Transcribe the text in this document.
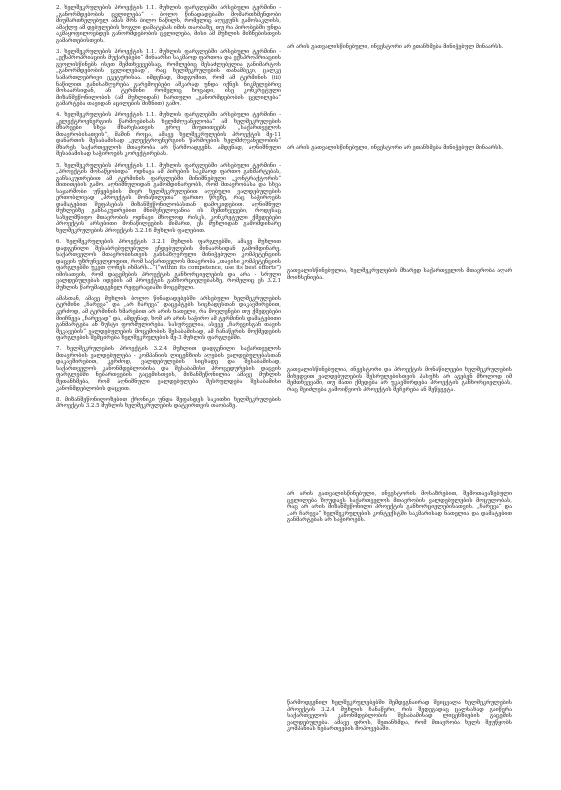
2. ხელშეკრულების პროექტის 1.1. მუხლის ფარგლებში არსებული ტერმინი - „განორმდებობის ცვლილება“ - ბოლო წინადადებაში მომართხმენდობი მიუშართხელებულ ამას შრს ბილო ნაწილს, რომელიც აღცეუნს გამოსაკლისს, ამაქლუ ამ დებულების ხოგლი დამატებას იმის თაობაზე, თუ რა პირობებში უნდა აკმაყოფილოებდეს განორმდებობის ცვლილება, მისი ამ მუხლის მიზნებისთვის გამართებისთვის.

3. ხელშეკრულების პროექტის 1.1. მუხლის ფარგლებში არსებული ტერმინი - „ექსპროპრიაციის მუქარებები“ მინაარსი საკმაოდ ფართოა და ექსპროპრიაციის გვოლისწინებს ისეთ შემთხვევებსაც, რომლებიც მესაძლებელია განიმარტოს „განორმდებობის ცვლილებად“, რაც ხელშეკრულების თანამბეკი, ცალკე სამართლებრივი ეკეტურისაა. იმდენად, მიდგომით, რომ ამ ტერმინის (iii) ნაწილით განისაზღვრება გარემოებები აშკარად უნდა იქნეს ნიკმელებრივ მოსაარსიდან, ან ტერმინი რომელიც ხოცადი, ისე კონკრეტული მიზანშეწონილობის (ამ მუხლიდან) ჩართული „განორმდებობის ცვლილება“ გამარტება თავიდან აცილების მიზნით) გამო.

4. ხელშეკრულების პროექტის 1.1. მუხლის ფარგლებში არსებული ტერმინი - „ელექტროენერგიის წარმოებისას ხელმძღვანელობა“ ამ ხელშეკრულების მხარეები სხვა მხარესათვის ეროვ მიუთითეებს „საქართველოს მთავრობისათვის“, მაშინ როცა, ამავე ხელშეკრულების პროექტის მე-11 დანართის შესაბამისად „ელექტროენერგიის წარმოების ხელმძღვანელობის“ მხარეს საქართველოს მთავრობა არ წარმოადგენს. ამდენად, აღნიშნული შესაბამისად საჭიროებს კორექტირებას.

5. ხელშეკრულების პროექტის 1.1. მუხლის ფარგლებში არსებული ტერმინი - „პროექტის მოსაწყობიდა“ ოდნავა ამ პირების საკმაოდ ფართო განმარტებას, განსაკუთრებით ამ ტერმინის ფარგლებში მინიშნებული „კონტრაქტორის“ მითითების გამო. აღნიშნულიდან გამომდინარეობს, რომ მთავრობასა და სხვა საჯარშობი უწყებების მიერ ხელშეკრულებით აღებული ვალდებულების ერთობლივად „პროექტის მონაწილეთა“ ფართო წრეზე, რაც საჭიროებს დამატებით შეფასებას მიზანშეწონილობასთან დამოკიდებით. აღნიშნულ მუხლებზე განსაკუთრებით მნიშვნელოვანია ის შემთხვევები, როდესაც სახელმწიფო მთავრობის ოდნავი მხოლოდ რისკს, კონკრეტული ქმედებები პროექტის არსებითი მონაწილეების მიმართ, ეს მუხლიდან გამომდინარე ხელშეკრულების პროექტის 3.2.16 მუხლის ფალებით.

6. ხელშეკრულების პროექტის 3.2.1 მუხლის ფარგლებში, ამავე მუხლით დადგენილი შესაბრებულებული ვჩდებულების მინაარსიდან გამომდინარე, საქართველოს მთავრობისთვის განსაზღვრული მინიჭებული კომპეტენციის დაცვის უზრუნველყოფით, რომ საქართველოს მთავრობა „თავისი კომპეტენციის ფარგლებში უკეთ ღონეს იხმარს...“(“within its competence, use its best efforts”) იმისათვის, რომ დაცემების პროექტის განხორციელების და არა - სრული ვალდებულებას იდების ამ პროექტის განხორციელებასზე, რომელიც ეს 3.2.1 მუხლის წარუმადგენელ რეფერაციაში მოცემული.

ამასთან, ამავე მუხლის ბოლო წინადადებებში არსებული ხელშეკრულების ტერმინი „ჩარევა“ და „არ ჩარევა“ დაცეპტებს სიცხადესთან დაკავშირებით, კერძოდ, ამ ტერმინის ხმარებით არ არის ნათელი, რა მოვლენები თუ ქმედებები მიიჩნევა „ჩარევად“ და, ამდენად, ხომ არ არის საჭირო ამ ტერმინის დამატებითი განმარტება ან ზუსტი ფორმულირება. სასურველია, ასევე „ჩარევისგან თავის შეკავების“ ვალდებულების მოცემობის შესაბამისად, ამ ჩანაწერის მოქმედების ფარგლების შემცირება ხელშეკრულების მე-3 მუხლის ფარგლებში.

7. ხელშეკრულების პროექტის 3.2.4 მუხლით დადგენილი საქართველოს მთავრობის ვალდებულება - კომპანიის ლიცენზიის აღების ვალდებულებასთან დაკავშირებით, კერძოდ, ვალდებულების სიცხადე და შესაბამისად, საქართველოს კანონმდებლობისა და შესაბამისი პროცედურების დაცვის ფარგლებში ნებართვების გაცემისთვის, მიზანშეწონილია ამავე მუხლის შეთანხმება, რომ აღნიშნული ვალდებულება შესრულდება შესაბამისი კანონმდებლობის დაცვით.

8. მიზანშეწონილოზებით ქრონიკი უნდა შეფასდეს საკითხი ხელშეკრულების პროექტის 3.2.5 მუხლის ხელშეკრულების დატვირთვის თაობაზე.

არ არის გათვალისწინებული, ინვესტორი არ ეთანხმება მინიჭებულ მინაარსს.

არ არის გათვალისწინებული, ინვესტორი არ ეთანხმება მინიჭებულ მინაარსს.

გათვალისწინებულია, ხელშეკრულების მხარედ საქართველოს მთავრობა აღარ მოიხსენიება.

გათვალისწინებულია, ინვესტორი და პროექტის მონაწილეები ხელშეკრულების მიხედვით ვალდებულების შესრულებისთვის პასუხს არ აგებენ მხოლოდ იმ შემთხვევაში, თუ მათი ქმედება არ უკავშირდება პროექტის განხორციელებას, რაც შეიძლება გამოიწვიოს პროექტის შეჩერება ან შეწყვეტა.

არ არის გათვალისწინებული, ინვესტორის მოსაზრებით, შემოთავაზებული ცვლილება ზღუდავს საქართველოს მთავრობის ვალდებულების მოცულობას, რაც არ არის მიზანშეწონილი პროექტის განხორციელებისათვის. „ჩარევა“ და „არ ჩარევა“ ხელშეკრულების კონტექსტში საკმარისად ნათელია და დამატებით განმარტებას არ საჭიროებს.

წარმოდგენილ ხელშეკრულებებში შემდეგნაირად შეიცვალა ხელშეკრულების პროექტის 3.2.4 მუხლის ჩანაწერი, რის შედეგადაც ცალსახად გაიწერა საქართველოს კანონმდებლობის შესაბამისად ლიცენზიების გაცემის ვალდებულება. ამავე დროს, შეთანხმდა, რომ მთავრობა ხელს შეუწყობს კომპანიას ნებართვების მოპოვებაში.
